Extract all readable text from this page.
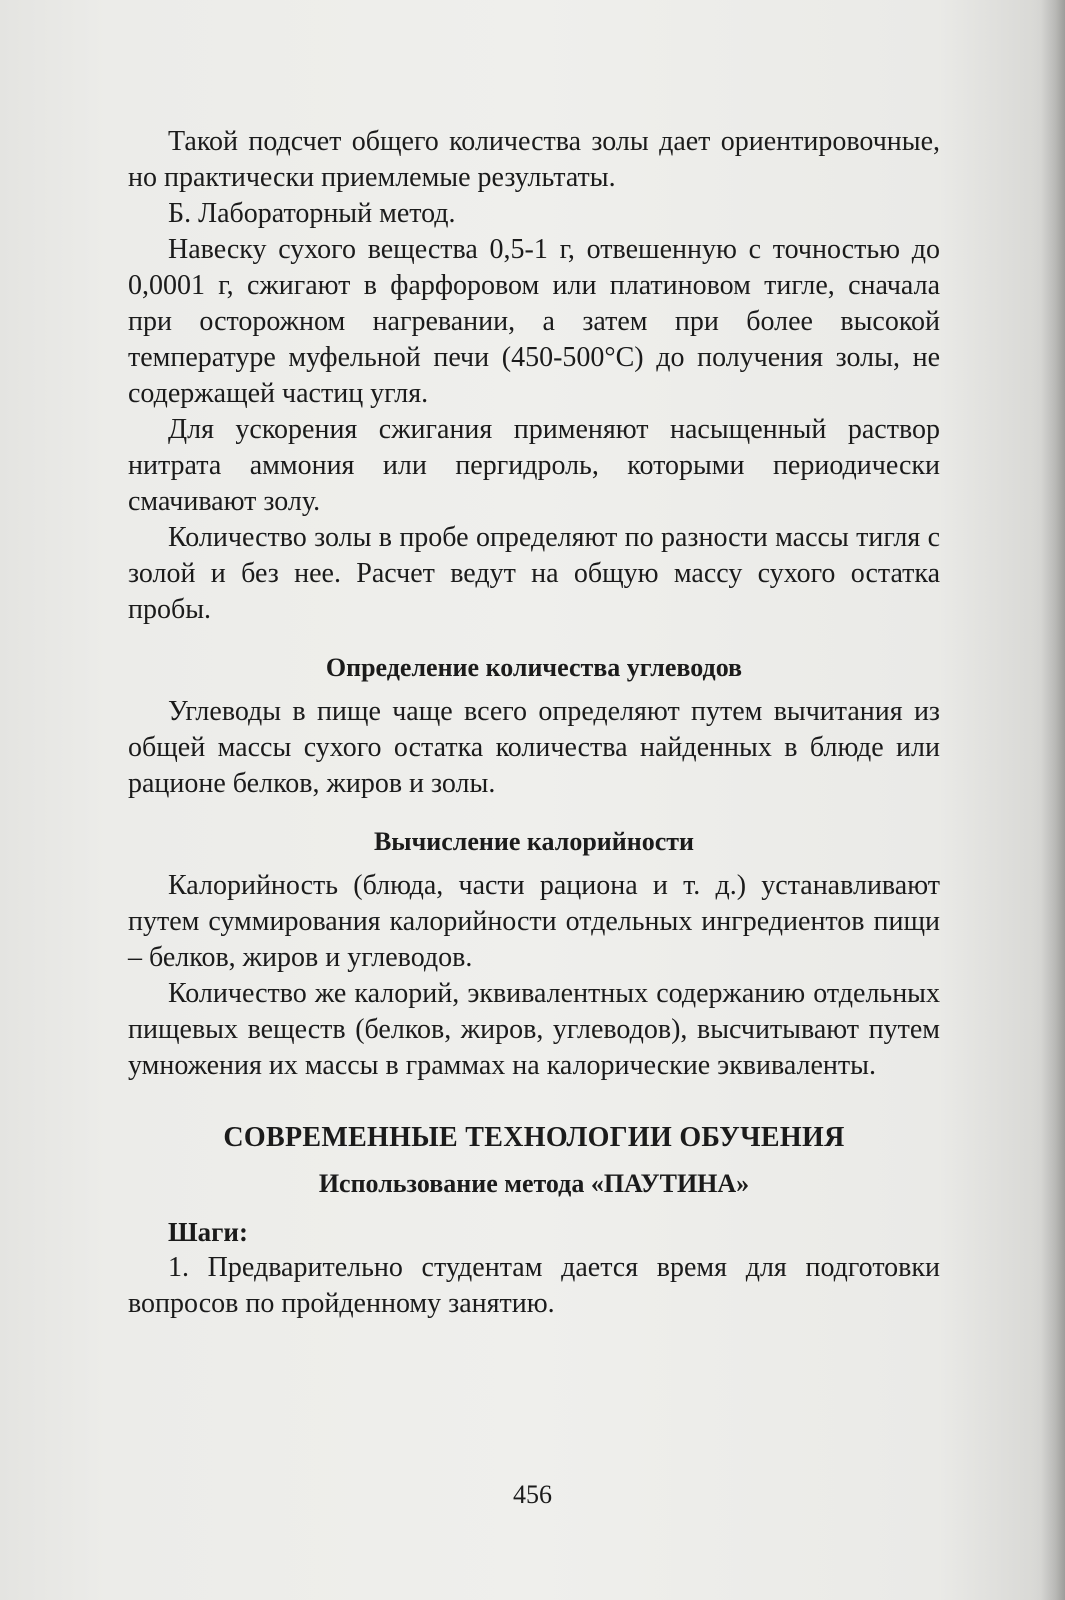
Такой подсчет общего количества золы дает ориентировочные, но практически приемлемые результаты.

Б. Лабораторный метод.

Навеску сухого вещества 0,5-1 г, отвешенную с точностью до 0,0001 г, сжигают в фарфоровом или платиновом тигле, сначала при осторожном нагревании, а затем при более высокой температуре муфельной печи (450-500°С) до получения золы, не содержащей частиц угля.

Для ускорения сжигания применяют насыщенный раствор нитрата аммония или пергидроль, которыми периодически смачивают золу.

Количество золы в пробе определяют по разности массы тигля с золой и без нее. Расчет ведут на общую массу сухого остатка пробы.

Определение количества углеводов

Углеводы в пище чаще всего определяют путем вычитания из общей массы сухого остатка количества найденных в блюде или рационе белков, жиров и золы.

Вычисление калорийности

Калорийность (блюда, части рациона и т. д.) устанавливают путем суммирования калорийности отдельных ингредиентов пищи – белков, жиров и углеводов.

Количество же калорий, эквивалентных содержанию отдельных пищевых веществ (белков, жиров, углеводов), высчитывают путем умножения их массы в граммах на калорические эквиваленты.

СОВРЕМЕННЫЕ ТЕХНОЛОГИИ ОБУЧЕНИЯ
Использование метода «ПАУТИНА»
Шаги:

1. Предварительно студентам дается время для подготовки вопросов по пройденному занятию.

456
